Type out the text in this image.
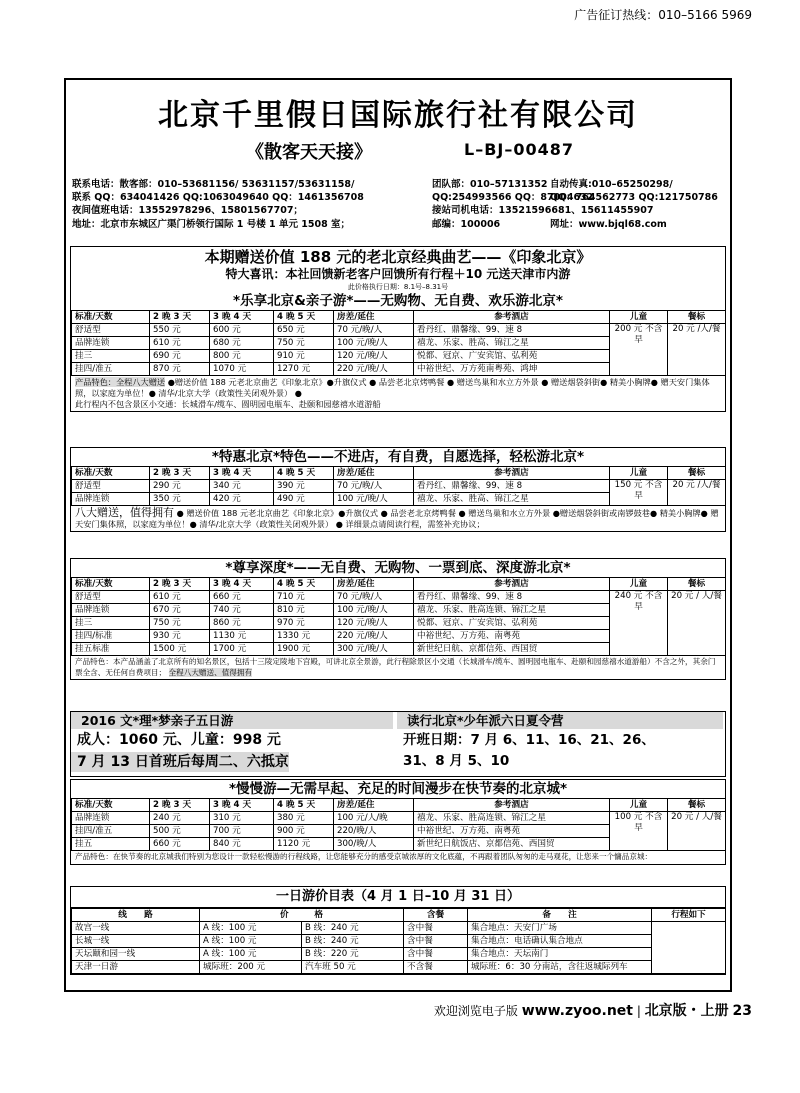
广告征订热线：010–5166 5969
北京千里假日国际旅行社有限公司
《散客天天接》	L–BJ–00487
联系电话：散客部：010–53681156/ 53631157/53631158/	团队部：010–57131352 自动传真:010–65250298/
联系 QQ：634041426 QQ:1063049640 QQ：1461356708	QQ:254993566 QQ：87004632
QQ：764562773 QQ:121750786
夜间值班电话：13552978296、15801567707；	接站司机电话：13521596681、15611455907
地址：北京市东城区广渠门桥领行国际 1 号楼 1 单元 1508 室；	邮编：100006	网址：www.bjql68.com
本期赠送价值 188 元的老北京经典曲艺——《印象北京》
特大喜讯：本社回馈新老客户回馈所有行程＋10 元送天津市内游
此价格执行日期：8.1号–8.31号
*乐享北京&亲子游*——无购物、无自费、欢乐游北京*
标准/天数	2 晚 3 天	3 晚 4 天	4 晚 5 天	房差/延住	参考酒店	儿童	餐标
舒适型	550 元	600 元	650 元	70 元/晚/人	看丹红、鼎馨缘、99、速 8	200 元 不含早	20 元 /人/餐
品牌连锁	610 元	680 元	750 元	100 元/晚/人	禧龙、乐家、胜高、锦江之星		
挂三	690 元	800 元	910 元	120 元/晚/人	悦都、冠京、广安宾馆、弘利苑		
挂四/准五	870 元	1070 元	1270 元	220 元/晚/人	中裕世纪、万方苑南粤苑、鸿坤		
产品特色：全程八大赠送 ●赠送价值 188 元老北京曲艺《印象北京》●升旗仪式 ● 品尝老北京烤鸭餐 ● 赠送鸟巢和水立方外景 ● 赠送烟袋斜街● 精美小胸牌● 赠天安门集体照，以家庭为单位！● 清华/北京大学（政策性关闭观外景） ●
此行程内不包含景区小交通：长城滑车/缆车、圆明园电瓶车、赴颐和园慈禧水道游船
*特惠北京*特色——不进店，有自费，自愿选择，轻松游北京*
标准/天数	2 晚 3 天	3 晚 4 天	4 晚 5 天	房差/延住	参考酒店	儿童	餐标
舒适型	290 元	340 元	390 元	70 元/晚/人	看丹红、鼎馨缘、99、速 8	150 元 不含早	20 元 /人/餐
品牌连锁	350 元	420 元	490 元	100 元/晚/人	禧龙、乐家、胜高、锦江之星		
八大赠送，值得拥有 ● 赠送价值 188 元老北京曲艺《印象北京》●升旗仪式 ● 品尝老北京烤鸭餐 ● 赠送鸟巢和水立方外景 ●赠送烟袋斜街或南锣鼓巷● 精美小胸牌● 赠天安门集体照，以家庭为单位！● 清华/北京大学（政策性关闭观外景） ● 详细景点请阅读行程，需签补充协议；
*尊享深度*——无自费、无购物、一票到底、深度游北京*
标准/天数	2 晚 3 天	3 晚 4 天	4 晚 5 天	房差/延住	参考酒店	儿童	餐标
舒适型	610 元	660 元	710 元	70 元/晚/人	看丹红、鼎馨缘、99、速 8	240 元 不含早	20 元 / 人/餐
品牌连锁	670 元	740 元	810 元	100 元/晚/人	禧龙、乐家、胜高连锁、锦江之星		
挂三	750 元	860 元	970 元	120 元/晚/人	悦都、冠京、广安宾馆、弘利苑		
挂四/标准	930 元	1130 元	1330 元	220 元/晚/人	中裕世纪、万方苑、南粤苑		
挂五标准	1500 元	1700 元	1900 元	300 元/晚/人	新世纪日航、京都信苑、西国贸		
产品特色：本产品涵盖了北京所有的知名景区，包括十三陵定陵地下宫殿，可讲北京全景游，此行程除景区小交通（长城滑车/缆车、圆明园电瓶车、赴颐和园慈禧水道游船）不含之外，其余门票全含、无任何自费项目； 全程八大赠送、值得拥有
2016 文*理*梦亲子五日游
成人：1060 元、儿童：998 元
7 月 13 日首班后每周二、六抵京
读行北京*少年派六日夏令营
开班日期：7 月 6、11、16、21、26、
31、8 月 5、10
*慢慢游—无需早起、充足的时间漫步在快节奏的北京城*
标准/天数	2 晚 3 天	3 晚 4 天	4 晚 5 天	房差/延住	参考酒店	儿童	餐标
品牌连锁	240 元	310 元	380 元	100 元/人/晚	禧龙、乐家、胜高连锁、锦江之星	100 元 不含早	20 元 / 人/餐
挂四/准五	500 元	700 元	900 元	220/晚/人	中裕世纪、万方苑、南粤苑		
挂五	660 元	840 元	1120 元	300/晚/人	新世纪日航饭店、京都信苑、西国贸		
产品特色：在快节奏的北京城我们特别为您设计一款轻松慢游的行程线路，让您能够充分的感受京城浓厚的文化底蕴，不再跟着团队匆匆的走马观花，让您来一个慵品京城：
一日游价目表（4 月 1 日–10 月 31 日）
线　　路	价　　　格		含餐	备　　注	行程如下
故宫一线	A 线：100 元	B 线：240 元	含中餐	集合地点：天安门广场	
长城一线	A 线：100 元	B 线：240 元	含中餐	集合地点：电话确认集合地点	
天坛颐和园一线	A 线：100 元	B 线：220 元	含中餐	集合地点：天坛南门	
天津一日游	城际班：200 元	汽车班 50 元	不含餐	城际班：6：30 分南站，含往返城际列车	
欢迎浏览电子版 www.zyoo.net | 北京版・上册 23
